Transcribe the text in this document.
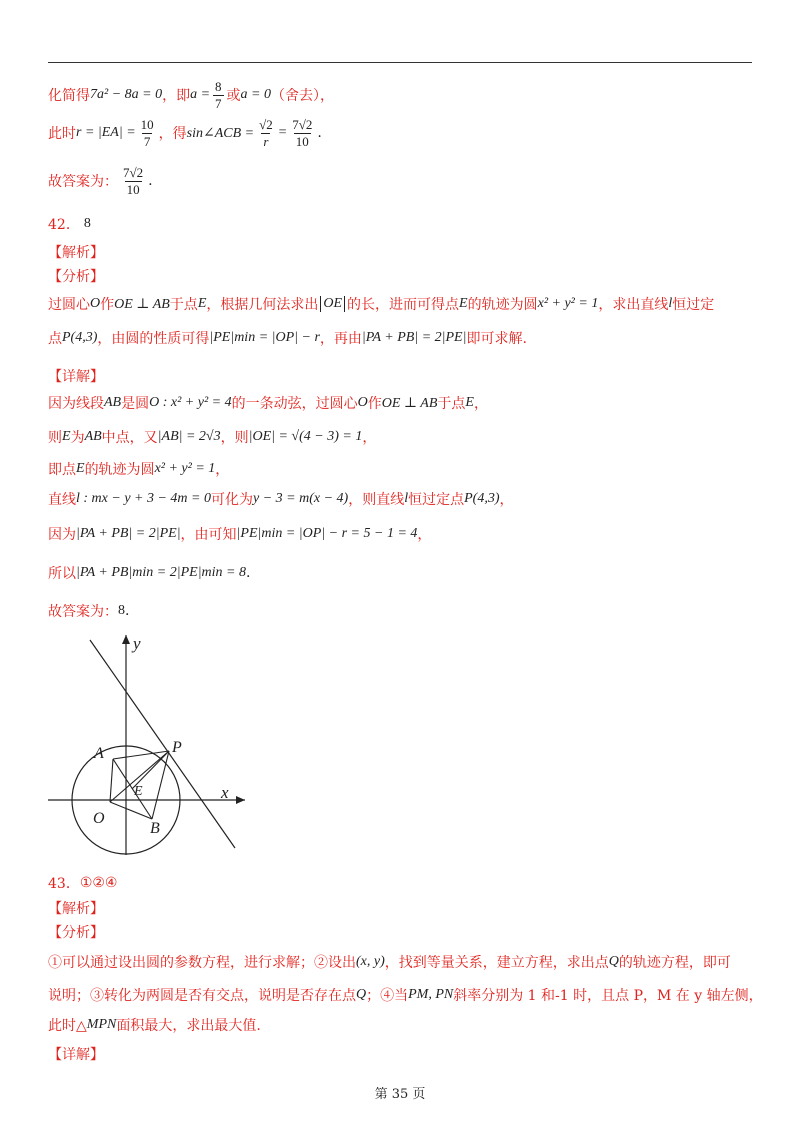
化简得 7a² − 8a = 0 ，即 $a = \frac{8}{7}$ 或 a = 0 （舍去），
此时 $r = |EA| = \frac{10}{7}$ ，得 sin∠ACB = $\frac{√2}{r} = \frac{7√2}{10}$ .
故答案为： $\frac{7√2}{10}$ .
42． 8
【解析】
【分析】
过圆心 O 作 OE ⊥ AB 于点 E ，根据几何法求出 OE 的长，进而可得点 E 的轨迹为圆 x² + y² = 1 ，求出直线 l 恒过定
点 P(4,3) ，由圆的性质可得 |PE|min = |OP| − r ，再由 |PA + PB| = 2|PE| 即可求解.
【详解】
因为线段 AB 是圆 O : x² + y² = 4 的一条动弦，过圆心 O 作 OE ⊥ AB 于点 E ，
则 E 为 AB 中点，又 |AB| = 2√3 ，则 |OE| = √(4 − 3) = 1 ，
即点 E 的轨迹为圆 x² + y² = 1 ，
直线 l : mx − y + 3 − 4m = 0 可化为 y − 3 = m(x − 4) ，则直线 l 恒过定点 P(4,3) ，
因为 |PA + PB| = 2|PE| ，由可知 |PE|min = |OP| − r = 5 − 1 = 4 ，
所以 |PA + PB|min = 2|PE|min = 8 .
故答案为： 8 .
y
x
A	P
E
O
B
43． ①②④
【解析】
【分析】
①可以通过设出圆的参数方程，进行求解；②设出 (x, y) ，找到等量关系，建立方程，求出点 Q 的轨迹方程，即可
说明；③转化为两圆是否有交点，说明是否存在点 Q ；④当 PM, PN 斜率分别为 1 和-1 时，且点 P，M 在 y 轴左侧，
此时△ MPN 面积最大，求出最大值.
【详解】
第 35 页
